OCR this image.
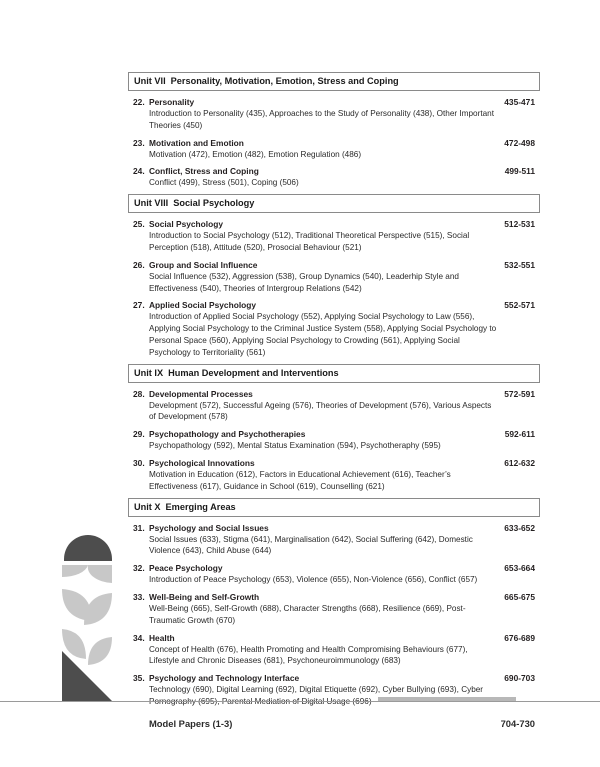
Unit VII Personality, Motivation, Emotion, Stress and Coping
22. Personality	435-471
Introduction to Personality (435), Approaches to the Study of Personality (438), Other Important Theories (450)
23. Motivation and Emotion	472-498
Motivation (472), Emotion (482), Emotion Regulation (486)
24. Conflict, Stress and Coping	499-511
Conflict (499), Stress (501), Coping (506)
Unit VIII Social Psychology
25. Social Psychology	512-531
Introduction to Social Psychology (512), Traditional Theoretical Perspective (515), Social Perception (518), Attitude (520), Prosocial Behaviour (521)
26. Group and Social Influence	532-551
Social Influence (532), Aggression (538), Group Dynamics (540), Leaderhip Style and Effectiveness (540), Theories of Intergroup Relations (542)
27. Applied Social Psychology	552-571
Introduction of Applied Social Psychology (552), Applying Social Psychology to Law (556), Applying Social Psychology to the Criminal Justice System (558), Applying Social Psychology to Personal Space (560), Applying Social Psychology to Crowding (561), Applying Social Psychology to Territoriality (561)
Unit IX Human Development and Interventions
28. Developmental Processes	572-591
Development (572), Successful Ageing (576), Theories of Development (576), Various Aspects of Development (578)
29. Psychopathology and Psychotherapies	592-611
Psychopathology (592), Mental Status Examination (594), Psychotheraphy (595)
30. Psychological Innovations	612-632
Motivation in Education (612), Factors in Educational Achievement (616), Teacher’s Effectiveness (617), Guidance in School (619), Counselling (621)
Unit X Emerging Areas
31. Psychology and Social Issues	633-652
Social Issues (633), Stigma (641), Marginalisation (642), Social Suffering (642), Domestic Violence (643), Child Abuse (644)
32. Peace Psychology	653-664
Introduction of Peace Psychology (653), Violence (655), Non-Violence (656), Conflict (657)
33. Well-Being and Self-Growth	665-675
Well-Being (665), Self-Growth (688), Character Strengths (668), Resilience (669), Post-Traumatic Growth (670)
34. Health	676-689
Concept of Health (676), Health Promoting and Health Compromising Behaviours (677), Lifestyle and Chronic Diseases (681), Psychoneuroimmunology (683)
35. Psychology and Technology Interface	690-703
Technology (690), Digital Learning (692), Digital Etiquette (692), Cyber Bullying (693), Cyber
Model Papers (1-3)	704-730
